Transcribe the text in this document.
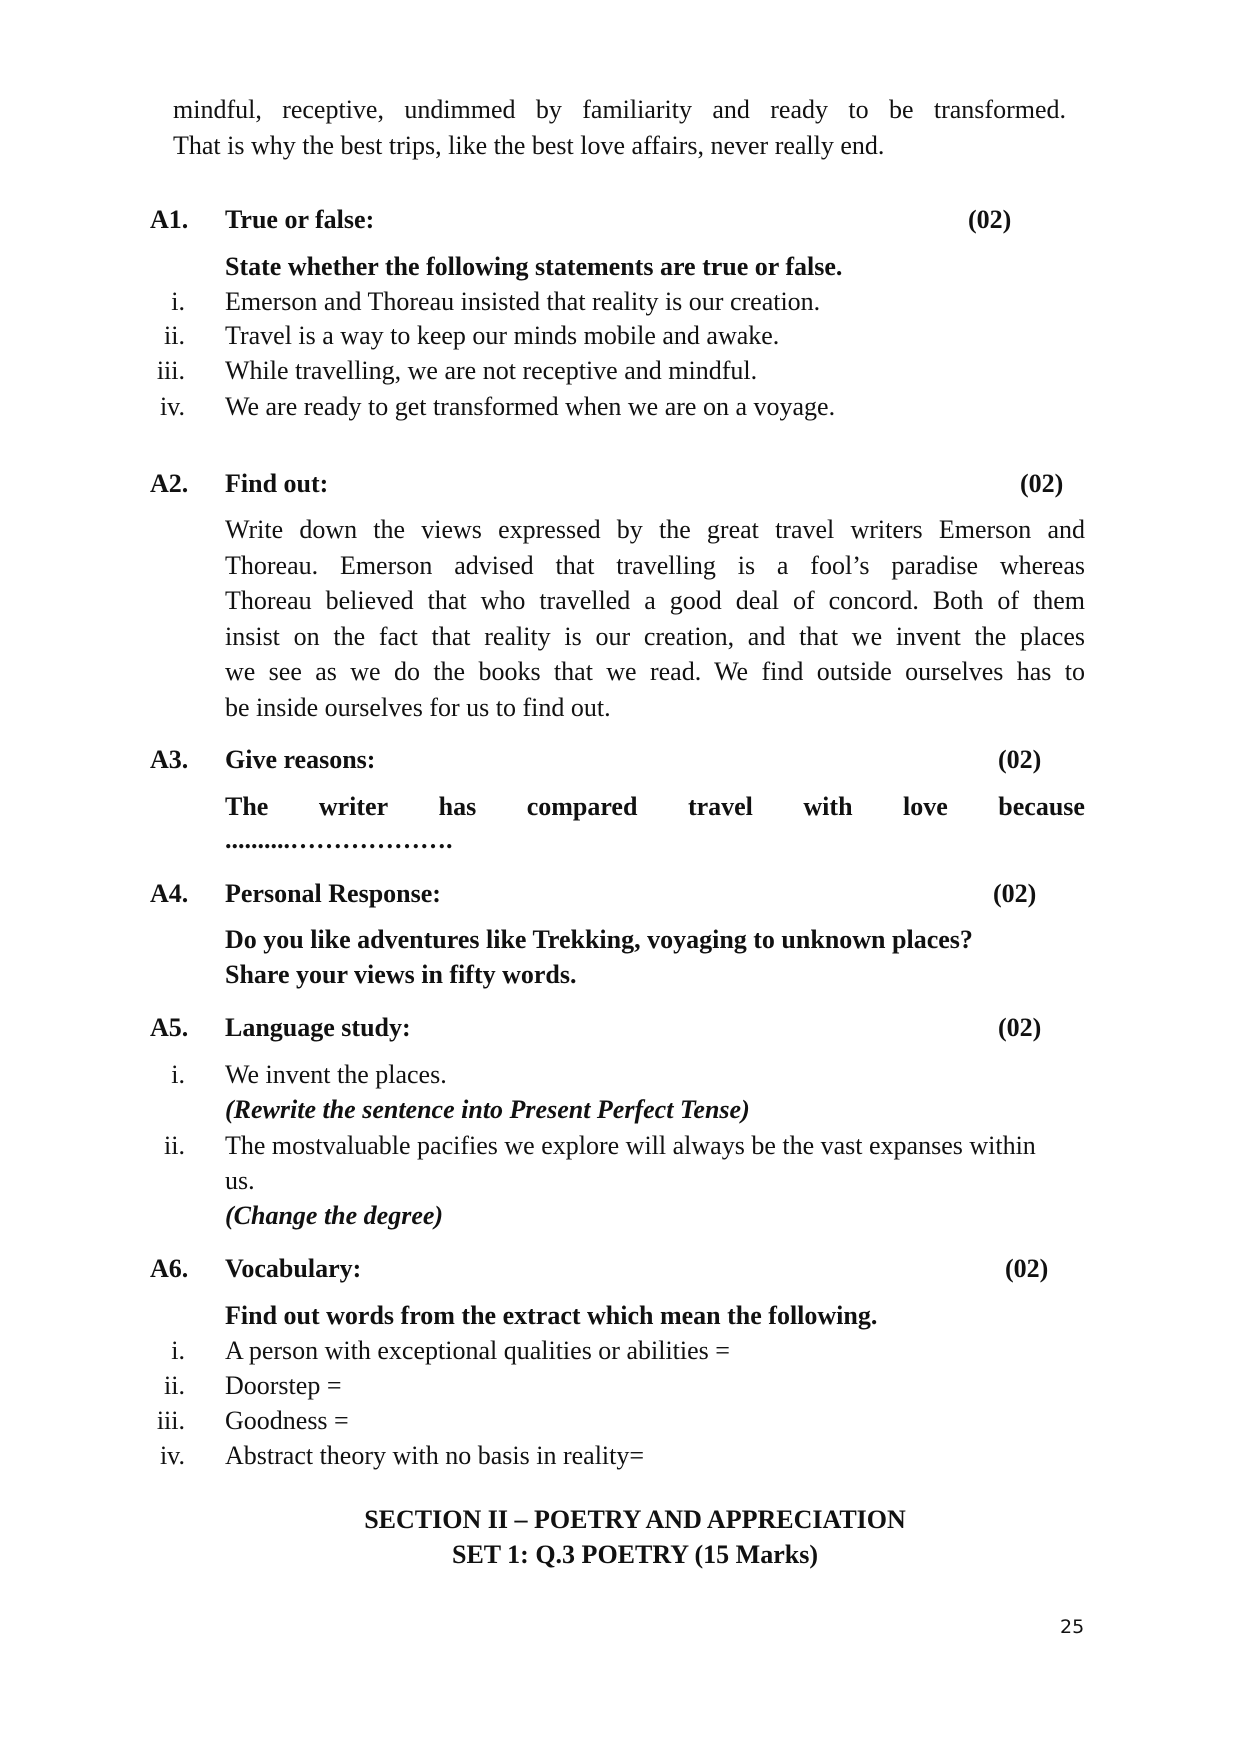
mindful, receptive, undimmed by familiarity and ready to be transformed.
That is why the best trips, like the best love affairs, never really end.
A1. True or false:	(02)
State whether the following statements are true or false.
i. Emerson and Thoreau insisted that reality is our creation.
ii. Travel is a way to keep our minds mobile and awake.
iii. While travelling, we are not receptive and mindful.
iv. We are ready to get transformed when we are on a voyage.
A2. Find out:	(02)
Write down the views expressed by the great travel writers Emerson and
Thoreau. Emerson advised that travelling is a fool’s paradise whereas
Thoreau believed that who travelled a good deal of concord. Both of them
insist on the fact that reality is our creation, and that we invent the places
we see as we do the books that we read. We find outside ourselves has to
be inside ourselves for us to find out.
A3. Give reasons:	(02)
The writer has compared travel with love because
..........……………….
A4. Personal Response:	(02)
Do you like adventures like Trekking, voyaging to unknown places?
Share your views in fifty words.
A5. Language study:	(02)
i. We invent the places.
(Rewrite the sentence into Present Perfect Tense)
ii. The mostvaluable pacifies we explore will always be the vast expanses within
us.
(Change the degree)
A6. Vocabulary:	(02)
Find out words from the extract which mean the following.
i. A person with exceptional qualities or abilities =
ii. Doorstep =
iii. Goodness =
iv. Abstract theory with no basis in reality=
SECTION II – POETRY AND APPRECIATION
SET 1: Q.3 POETRY (15 Marks)
25
